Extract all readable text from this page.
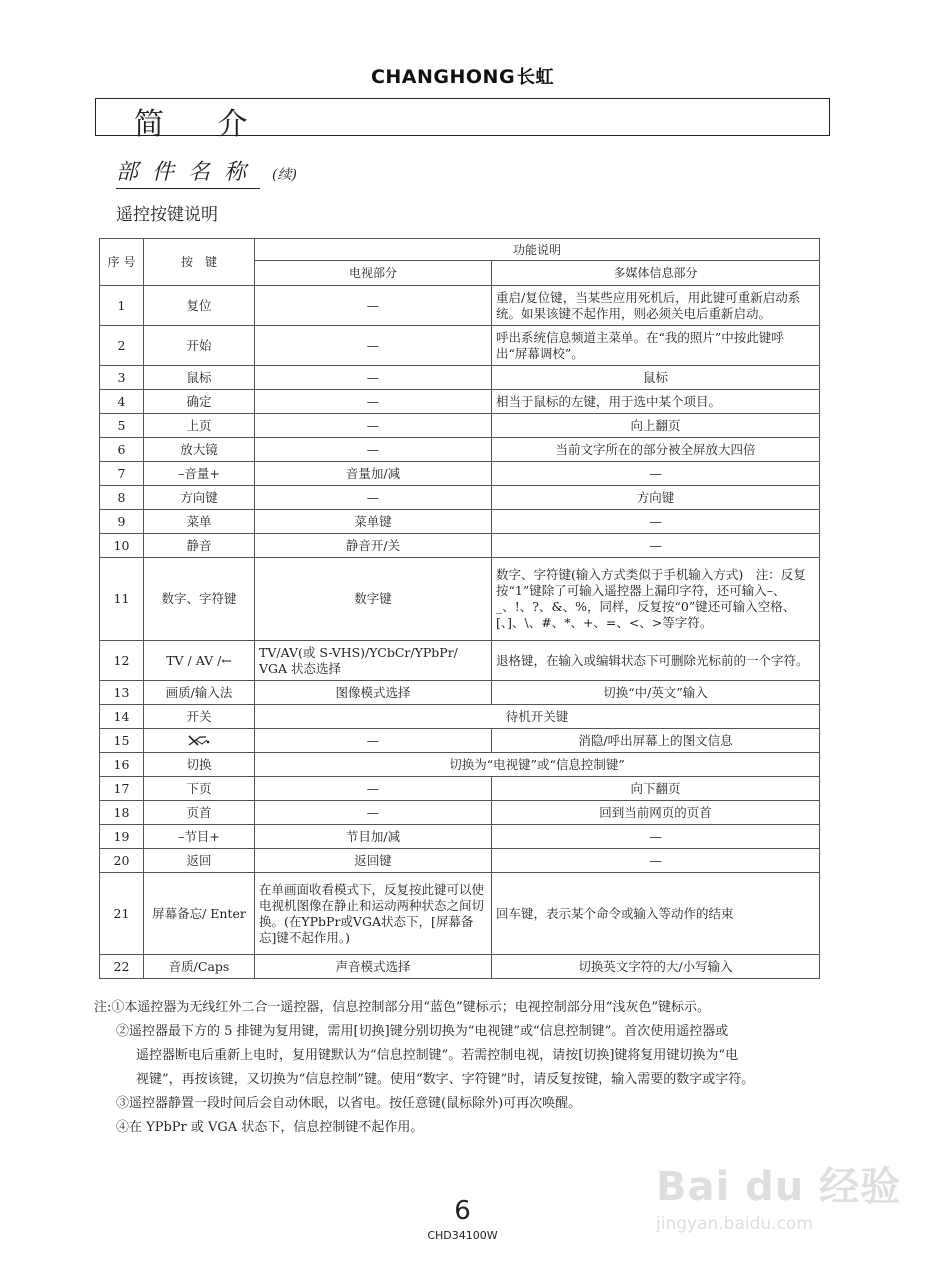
CHANGHONG 长虹
简 介
部件名称 (续)
遥控按键说明
序 号	按　键	功能说明	
		电视部分	多媒体信息部分
1	复位	—	重启/复位键，当某些应用死机后，用此键可重新启动系统。如果该键不起作用，则必须关电后重新启动。
2	开始	—	呼出系统信息频道主菜单。在“我的照片”中按此键呼出“屏幕调校”。
3	鼠标	—	鼠标
4	确定	—	相当于鼠标的左键，用于选中某个项目。
5	上页	—	向上翻页
6	放大镜	—	当前文字所在的部分被全屏放大四倍
7	–音量+	音量加/减	—
8	方向键	—	方向键
9	菜单	菜单键	—
10	静音	静音开/关	—
11	数字、字符键	数字键	数字、字符键(输入方式类似于手机输入方式)　注：反复按“1”键除了可输入遥控器上漏印字符，还可输入–、_、!、?、&、%，同样，反复按“0”键还可输入空格、[、]、\、#、*、+、=、<、>等字符。
12	TV / AV /←	TV/AV(或 S-VHS)/YCbCr/YPbPr/ VGA 状态选择	退格键，在输入或编辑状态下可删除光标前的一个字符。
13	画质/输入法	图像模式选择	切换“中/英文”输入
14	开关	待机开关键	
15		—	消隐/呼出屏幕上的图文信息
16	切换	切换为“电视键”或“信息控制键”	
17	下页	—	向下翻页
18	页首	—	回到当前网页的页首
19	–节目+	节目加/减	—
20	返回	返回键	—
21	屏幕备忘/ Enter	在单画面收看模式下，反复按此键可以使电视机图像在静止和运动两种状态之间切换。(在YPbPr或VGA状态下，[屏幕备忘]键不起作用。)	回车键，表示某个命令或输入等动作的结束
22	音质/Caps	声音模式选择	切换英文字符的大/小写输入
注:①本遥控器为无线红外二合一遥控器，信息控制部分用“蓝色”键标示；电视控制部分用“浅灰色”键标示。
②遥控器最下方的 5 排键为复用键，需用[切换]键分别切换为“电视键”或“信息控制键”。首次使用遥控器或
遥控器断电后重新上电时，复用键默认为“信息控制键”。若需控制电视，请按[切换]键将复用键切换为“电
视键”，再按该键，又切换为“信息控制”键。使用“数字、字符键”时，请反复按键，输入需要的数字或字符。
③遥控器静置一段时间后会自动休眠，以省电。按任意键(鼠标除外)可再次唤醒。
④在 YPbPr 或 VGA 状态下，信息控制键不起作用。
6
CHD34100W
Bai du 经验
jingyan.baidu.com
